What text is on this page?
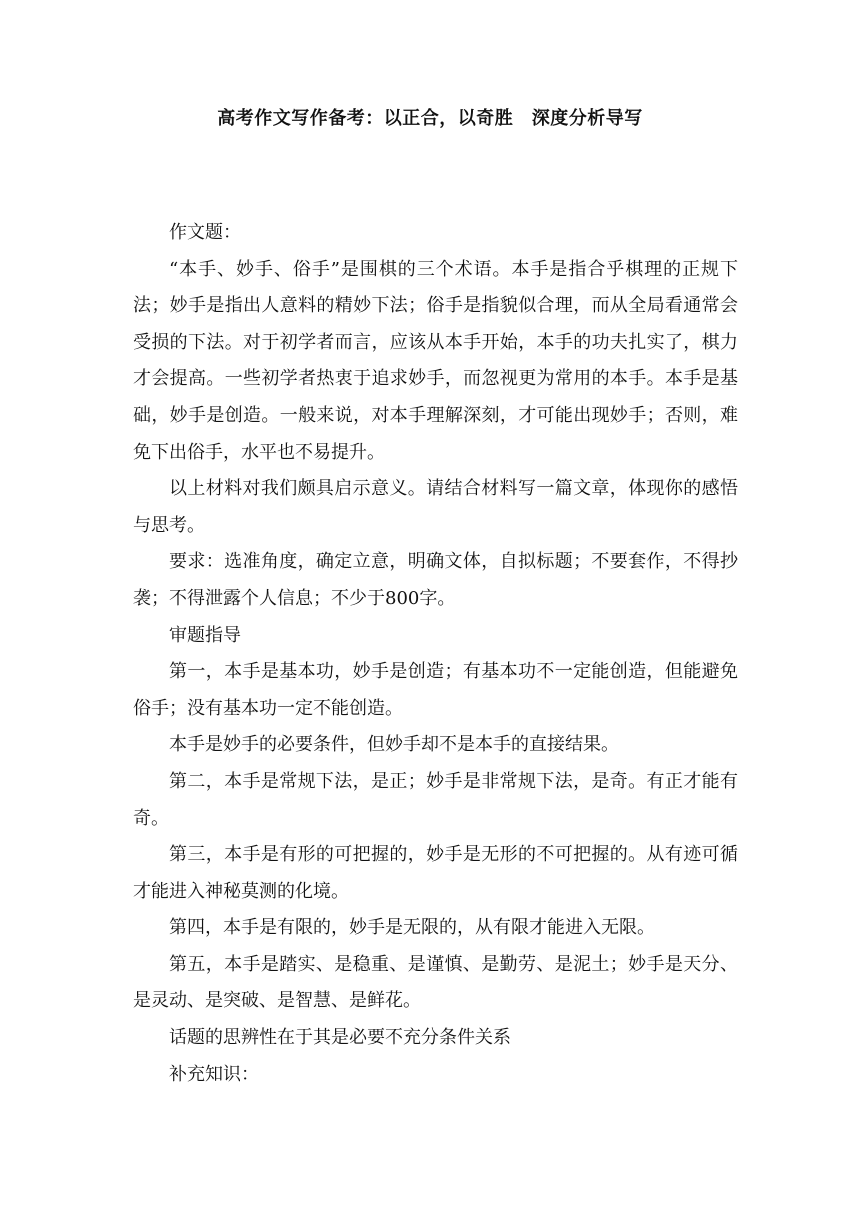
高考作文写作备考：以正合，以奇胜　深度分析导写

作文题：

“本手、妙手、俗手”是围棋的三个术语。本手是指合乎棋理的正规下法；妙手是指出人意料的精妙下法；俗手是指貌似合理，而从全局看通常会受损的下法。对于初学者而言，应该从本手开始，本手的功夫扎实了，棋力才会提高。一些初学者热衷于追求妙手，而忽视更为常用的本手。本手是基础，妙手是创造。一般来说，对本手理解深刻，才可能出现妙手；否则，难免下出俗手，水平也不易提升。

以上材料对我们颇具启示意义。请结合材料写一篇文章，体现你的感悟与思考。

要求：选准角度，确定立意，明确文体，自拟标题；不要套作，不得抄袭；不得泄露个人信息；不少于800字。

审题指导

第一，本手是基本功，妙手是创造；有基本功不一定能创造，但能避免俗手；没有基本功一定不能创造。

本手是妙手的必要条件，但妙手却不是本手的直接结果。

第二，本手是常规下法，是正；妙手是非常规下法，是奇。有正才能有奇。

第三，本手是有形的可把握的，妙手是无形的不可把握的。从有迹可循才能进入神秘莫测的化境。

第四，本手是有限的，妙手是无限的，从有限才能进入无限。

第五，本手是踏实、是稳重、是谨慎、是勤劳、是泥土；妙手是天分、是灵动、是突破、是智慧、是鲜花。

话题的思辨性在于其是必要不充分条件关系

补充知识：
